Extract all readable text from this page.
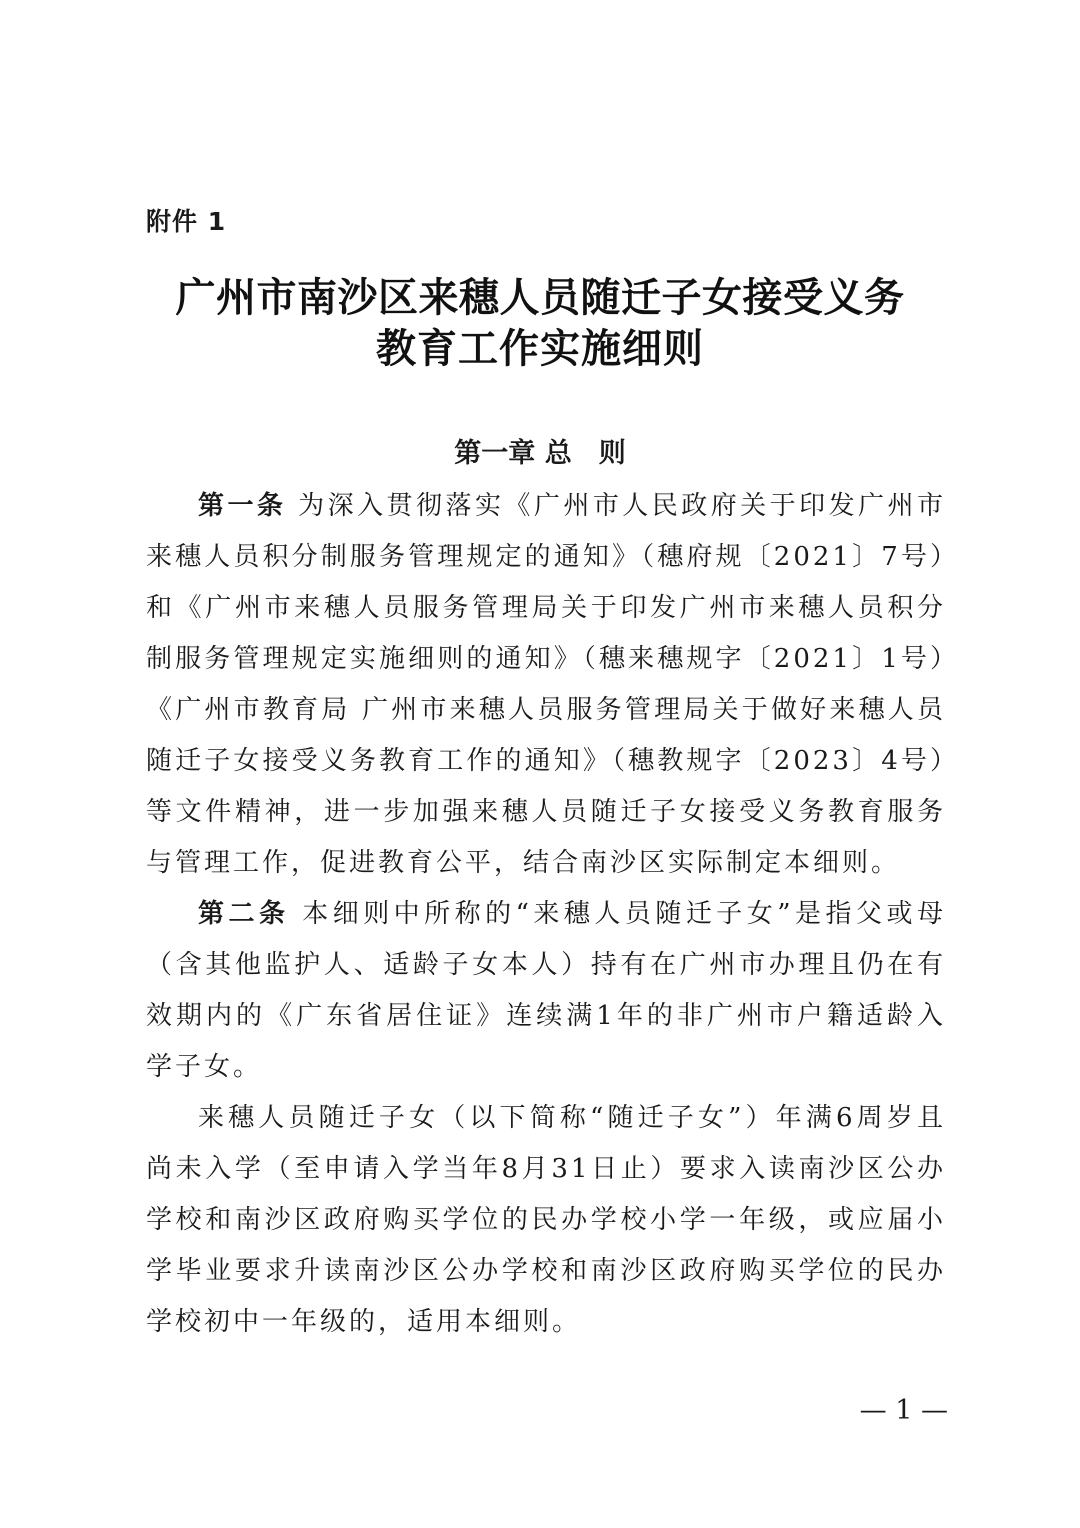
附件 1
广州市南沙区来穗人员随迁子女接受义务
教育工作实施细则
第一章 总　则

第一条 为深入贯彻落实《广州市人民政府关于印发广州市来穗人员积分制服务管理规定的通知》（穗府规〔2021〕7号）和《广州市来穗人员服务管理局关于印发广州市来穗人员积分制服务管理规定实施细则的通知》（穗来穗规字〔2021〕1号）《广州市教育局 广州市来穗人员服务管理局关于做好来穗人员随迁子女接受义务教育工作的通知》（穗教规字〔2023〕4号）等文件精神，进一步加强来穗人员随迁子女接受义务教育服务与管理工作，促进教育公平，结合南沙区实际制定本细则。

第二条 本细则中所称的“来穗人员随迁子女”是指父或母（含其他监护人、适龄子女本人）持有在广州市办理且仍在有效期内的《广东省居住证》连续满1年的非广州市户籍适龄入学子女。

来穗人员随迁子女（以下简称“随迁子女”）年满6周岁且尚未入学（至申请入学当年8月31日止）要求入读南沙区公办学校和南沙区政府购买学位的民办学校小学一年级，或应届小学毕业要求升读南沙区公办学校和南沙区政府购买学位的民办学校初中一年级的，适用本细则。

— 1 —
